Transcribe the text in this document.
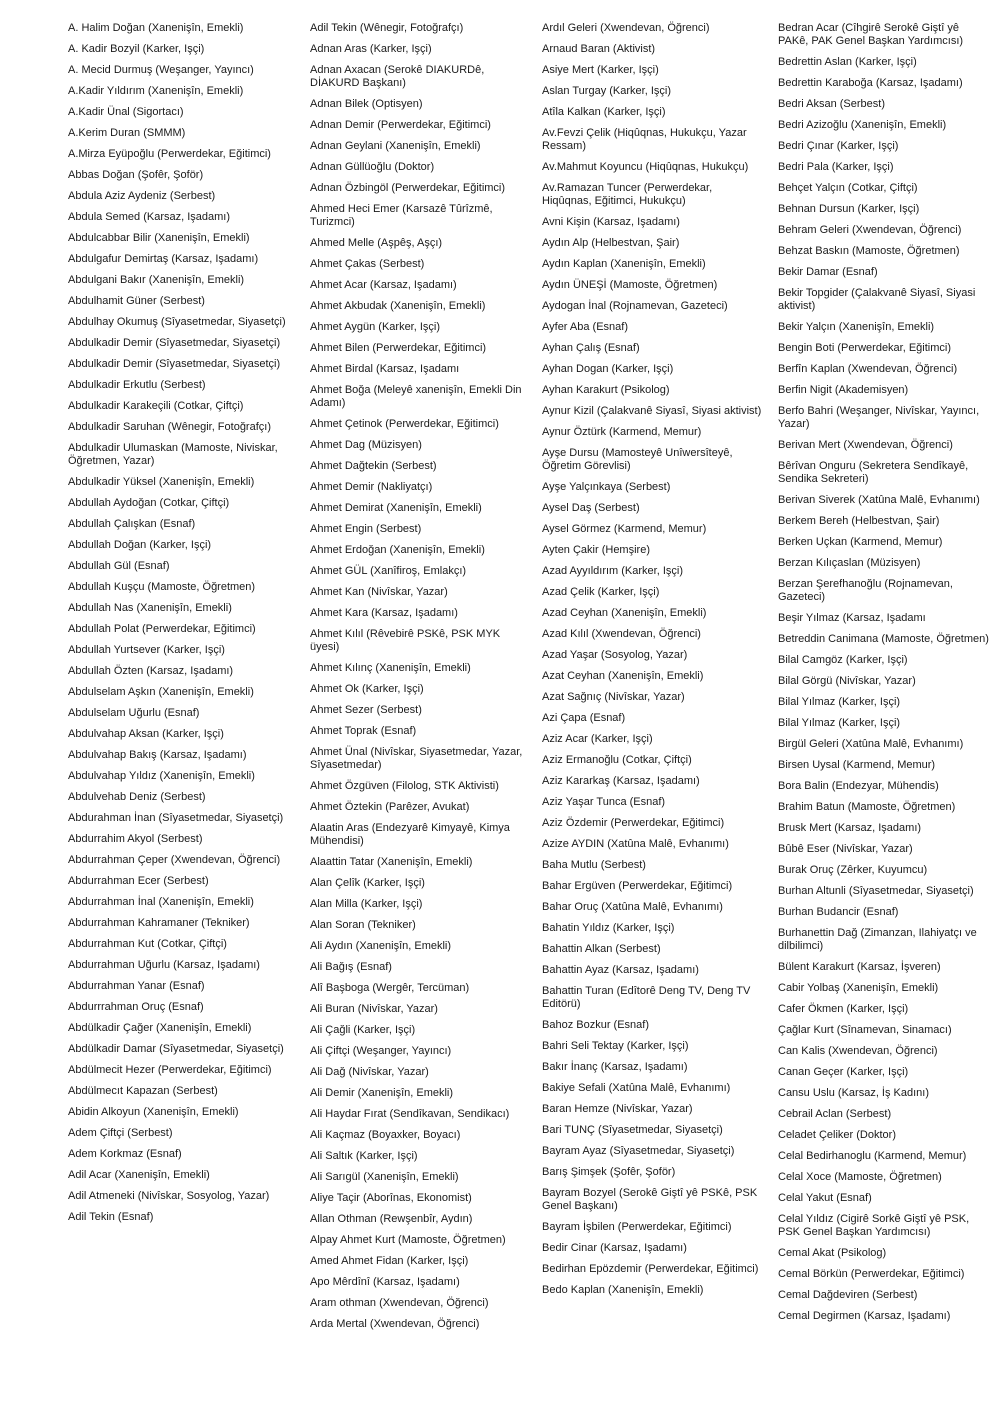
A. Halim Doğan (Xanenişîn, Emekli)

A. Kadir Bozyil (Karker, Işçi)

A. Mecid Durmuş (Weşanger, Yayıncı)

A.Kadir Yıldırım (Xanenişîn, Emekli)

A.Kadir Ünal (Sigortacı)

A.Kerim Duran (SMMM)

A.Mirza Eyüpoğlu (Perwerdekar, Eğitimci)

Abbas Doğan (Şofêr, Şoför)

Abdula Aziz Aydeniz (Serbest)

Abdula Semed (Karsaz, Işadamı)

Abdulcabbar Bilir (Xanenişîn, Emekli)

Abdulgafur Demirtaş (Karsaz, Işadamı)

Abdulgani Bakır (Xanenişîn, Emekli)

Abdulhamit Güner (Serbest)

Abdulhay Okumuş (Sîyasetmedar, Siyasetçi)

Abdulkadir Demir (Sîyasetmedar, Siyasetçi)

Abdulkadir Demir (Sîyasetmedar, Siyasetçi)

Abdulkadir Erkutlu (Serbest)

Abdulkadir Karakeçili (Cotkar, Çiftçi)

Abdulkadir Saruhan (Wênegir, Fotoğrafçı)

Abdulkadir Ulumaskan (Mamoste, Niviskar, Öğretmen, Yazar)

Abdulkadir Yüksel (Xanenişîn, Emekli)

Abdullah Aydoğan (Cotkar, Çiftçi)

Abdullah Çalışkan (Esnaf)

Abdullah Doğan (Karker, Işçi)

Abdullah Gül (Esnaf)

Abdullah Kuşçu (Mamoste, Öğretmen)

Abdullah Nas (Xanenişîn, Emekli)

Abdullah Polat (Perwerdekar, Eğitimci)

Abdullah Yurtsever (Karker, Işçi)

Abdullah Özten (Karsaz, Işadamı)

Abdulselam Aşkın (Xanenişîn, Emekli)

Abdulselam Uğurlu (Esnaf)

Abdulvahap Aksan (Karker, Işçi)

Abdulvahap Bakış (Karsaz, Işadamı)

Abdulvahap Yıldız (Xanenişîn, Emekli)

Abdulvehab Deniz (Serbest)

Abdurahman İnan (Sîyasetmedar, Siyasetçi)

Abdurrahim Akyol (Serbest)

Abdurrahman Çeper (Xwendevan, Öğrenci)

Abdurrahman Ecer (Serbest)

Abdurrahman İnal (Xanenişîn, Emekli)

Abdurrahman Kahramaner (Tekniker)

Abdurrahman Kut (Cotkar, Çiftçi)

Abdurrahman Uğurlu (Karsaz, Işadamı)

Abdurrahman Yanar (Esnaf)

Abdurrrahman Oruç (Esnaf)

Abdülkadir Çağer (Xanenişîn, Emekli)

Abdülkadir Damar (Sîyasetmedar, Siyasetçi)

Abdülmecit Hezer (Perwerdekar, Eğitimci)

Abdülmecıt Kapazan (Serbest)

Abidin Alkoyun (Xanenişîn, Emekli)

Adem Çiftçi (Serbest)

Adem Korkmaz (Esnaf)

Adil Acar (Xanenişîn, Emekli)

Adil Atmeneki (Nivîskar, Sosyolog, Yazar)

Adil Tekin (Esnaf)

Adil Tekin (Wênegir, Fotoğrafçı)

Adnan Aras (Karker, Işçi)

Adnan Axacan (Serokê DIAKURDê, DİAKURD Başkanı)

Adnan Bilek (Optisyen)

Adnan Demir (Perwerdekar, Eğitimci)

Adnan Geylani (Xanenişîn, Emekli)

Adnan Güllüoğlu (Doktor)

Adnan Özbingöl (Perwerdekar, Eğitimci)

Ahmed Heci Emer (Karsazê Tûrîzmê, Turizmci)

Ahmed Melle (Aşpêş, Aşçı)

Ahmet Çakas (Serbest)

Ahmet Acar (Karsaz, Işadamı)

Ahmet Akbudak (Xanenişîn, Emekli)

Ahmet Aygün (Karker, Işçi)

Ahmet Bilen (Perwerdekar, Eğitimci)

Ahmet Birdal (Karsaz, Işadamı

Ahmet Boğa (Meleyê xanenişîn, Emekli Din Adamı)

Ahmet Çetinok (Perwerdekar, Eğitimci)

Ahmet Dag (Müzisyen)

Ahmet Dağtekin (Serbest)

Ahmet Demir (Nakliyatçı)

Ahmet Demirat (Xanenişîn, Emekli)

Ahmet Engin (Serbest)

Ahmet Erdoğan (Xanenişîn, Emekli)

Ahmet GÜL (Xanîfiroş, Emlakçı)

Ahmet Kan (Nivîskar, Yazar)

Ahmet Kara (Karsaz, Işadamı)

Ahmet Kılıl (Rêvebirê PSKê, PSK MYK üyesi)

Ahmet Kılınç (Xanenişîn, Emekli)

Ahmet Ok (Karker, Işçi)

Ahmet Sezer (Serbest)

Ahmet Toprak (Esnaf)

Ahmet Ünal (Nivîskar, Siyasetmedar, Yazar, Sîyasetmedar)

Ahmet Özgüven (Filolog, STK Aktivisti)

Ahmet Öztekin (Parêzer, Avukat)

Alaatin Aras (Endezyarê Kimyayê, Kimya Mühendisi)

Alaattin Tatar (Xanenişîn, Emekli)

Alan Çelîk (Karker, Işçi)

Alan Milla (Karker, Işçi)

Alan Soran (Tekniker)

Ali Aydın (Xanenişîn, Emekli)

Ali Bağış (Esnaf)

Alî Başboga (Wergêr, Tercüman)

Ali Buran (Nivîskar, Yazar)

Ali Çağli (Karker, Işçi)

Ali Çiftçi (Weşanger, Yayıncı)

Ali Dağ (Nivîskar, Yazar)

Ali Demir (Xanenişîn, Emekli)

Ali Haydar Fırat (Sendîkavan, Sendikacı)

Ali Kaçmaz (Boyaxker, Boyacı)

Ali Saltık (Karker, Işçi)

Ali Sarıgül (Xanenişîn, Emekli)

Aliye Taçir (Aborînas, Ekonomist)

Allan Othman (Rewşenbîr, Aydın)

Alpay Ahmet Kurt (Mamoste, Öğretmen)

Amed Ahmet Fidan (Karker, Işçi)

Apo Mêrdînî (Karsaz, Işadamı)

Aram othman (Xwendevan, Öğrenci)

Arda Mertal (Xwendevan, Öğrenci)

Ardıl Geleri (Xwendevan, Öğrenci)

Arnaud Baran (Aktivist)

Asiye Mert (Karker, Işçi)

Aslan Turgay (Karker, Işçi)

Atîla Kalkan (Karker, Işçi)

Av.Fevzi Çelik (Hiqûqnas, Hukukçu, Yazar Ressam)

Av.Mahmut Koyuncu (Hiqûqnas, Hukukçu)

Av.Ramazan Tuncer (Perwerdekar, Hiqûqnas, Eğitimci, Hukukçu)

Avni Kişin (Karsaz, Işadamı)

Aydın Alp (Helbestvan, Şair)

Aydın Kaplan (Xanenişîn, Emekli)

Aydın ÜNEŞİ (Mamoste, Öğretmen)

Aydogan İnal (Rojnamevan, Gazeteci)

Ayfer Aba (Esnaf)

Ayhan Çalış (Esnaf)

Ayhan Dogan (Karker, Işçi)

Ayhan Karakurt (Psikolog)

Aynur Kizil (Çalakvanê Siyasî, Siyasi aktivist)

Aynur Öztürk (Karmend, Memur)

Ayşe Dursu (Mamosteyê Unîwersîteyê, Öğretim Görevlisi)

Ayşe Yalçınkaya (Serbest)

Aysel Daş (Serbest)

Aysel Görmez (Karmend, Memur)

Ayten Çakir (Hemşire)

Azad Ayyıldırım (Karker, Işçi)

Azad Çelik (Karker, Işçi)

Azad Ceyhan (Xanenişîn, Emekli)

Azad Kılıl (Xwendevan, Öğrenci)

Azad Yaşar (Sosyolog, Yazar)

Azat Ceyhan (Xanenişîn, Emekli)

Azat Sağnıç (Nivîskar, Yazar)

Azi Çapa (Esnaf)

Aziz Acar (Karker, Işçi)

Aziz Ermanoğlu (Cotkar, Çiftçi)

Aziz Kararkaş (Karsaz, Işadamı)

Aziz Yaşar Tunca (Esnaf)

Aziz Özdemir (Perwerdekar, Eğitimci)

Azize AYDIN (Xatûna Malê, Evhanımı)

Baha Mutlu (Serbest)

Bahar Ergüven (Perwerdekar, Eğitimci)

Bahar Oruç (Xatûna Malê, Evhanımı)

Bahatin Yıldız (Karker, Işçi)

Bahattin Alkan (Serbest)

Bahattin Ayaz (Karsaz, Işadamı)

Bahattin Turan (Edîtorê Deng TV, Deng TV Editörü)

Bahoz Bozkur (Esnaf)

Bahri Seli Tektay (Karker, Işçi)

Bakır İnanç (Karsaz, Işadamı)

Bakiye Sefali (Xatûna Malê, Evhanımı)

Baran Hemze (Nivîskar, Yazar)

Bari TUNÇ (Sîyasetmedar, Siyasetçi)

Bayram Ayaz (Sîyasetmedar, Siyasetçi)

Barış Şimşek (Şofêr, Şoför)

Bayram Bozyel (Serokê Giştî yê PSKê, PSK Genel Başkanı)

Bayram İşbilen (Perwerdekar, Eğitimci)

Bedir Cinar (Karsaz, Işadamı)

Bedirhan Epözdemir (Perwerdekar, Eğitimci)

Bedo Kaplan (Xanenişîn, Emekli)

Bedran Acar (Cîhgirê Serokê Giştî yê PAKê, PAK Genel Başkan Yardımcısı)

Bedrettin Aslan (Karker, Işçi)

Bedrettin Karaboğa (Karsaz, Işadamı)

Bedri Aksan (Serbest)

Bedri Azizoğlu (Xanenişîn, Emekli)

Bedri Çınar (Karker, Işçi)

Bedri Pala (Karker, Işçi)

Behçet Yalçın (Cotkar, Çiftçi)

Behnan Dursun (Karker, Işçi)

Behram Geleri (Xwendevan, Öğrenci)

Behzat Baskın (Mamoste, Öğretmen)

Bekir Damar (Esnaf)

Bekir Topgider (Çalakvanê Siyasî, Siyasi aktivist)

Bekir Yalçın (Xanenişîn, Emekli)

Bengin Boti (Perwerdekar, Eğitimci)

Berfîn Kaplan (Xwendevan, Öğrenci)

Berfin Nigit (Akademisyen)

Berfo Bahri (Weşanger, Nivîskar, Yayıncı, Yazar)

Berivan Mert (Xwendevan, Öğrenci)

Bêrîvan Onguru (Sekretera Sendîkayê, Sendika Sekreteri)

Berivan Siverek (Xatûna Malê, Evhanımı)

Berkem Bereh (Helbestvan, Şair)

Berken Uçkan (Karmend, Memur)

Berzan Kılıçaslan (Müzisyen)

Berzan Şerefhanoğlu (Rojnamevan, Gazeteci)

Beşir Yılmaz (Karsaz, Işadamı

Betreddin Canimana (Mamoste, Öğretmen)

Bilal Camgöz (Karker, Işçi)

Bilal Görgü (Nivîskar, Yazar)

Bilal Yılmaz (Karker, Işçi)

Bilal Yılmaz (Karker, Işçi)

Birgül Geleri (Xatûna Malê, Evhanımı)

Birsen Uysal (Karmend, Memur)

Bora Balin (Endezyar, Mühendis)

Brahim Batun (Mamoste, Öğretmen)

Brusk Mert (Karsaz, Işadamı)

Bûbê Eser (Nivîskar, Yazar)

Burak Oruç (Zêrker, Kuyumcu)

Burhan Altunli (Sîyasetmedar, Siyasetçi)

Burhan Budancir (Esnaf)

Burhanettin Dağ (Zimanzan, Ilahiyatçı ve dilbilimci)

Bülent Karakurt (Karsaz, İşveren)

Cabir Yolbaş (Xanenişîn, Emekli)

Cafer Ökmen (Karker, Işçi)

Çağlar Kurt (Sînamevan, Sinamacı)

Can Kalis (Xwendevan, Öğrenci)

Canan Geçer (Karker, Işçi)

Cansu Uslu (Karsaz, İş Kadını)

Cebrail Aclan (Serbest)

Celadet Çeliker (Doktor)

Celal Bedirhanoglu (Karmend, Memur)

Celal Xoce (Mamoste, Öğretmen)

Celal Yakut (Esnaf)

Celal Yıldız (Cigirê Sorkê Giştî yê PSK, PSK Genel Başkan Yardımcısı)

Cemal Akat (Psikolog)

Cemal Börkün (Perwerdekar, Eğitimci)

Cemal Dağdeviren (Serbest)

Cemal Degirmen (Karsaz, Işadamı)
